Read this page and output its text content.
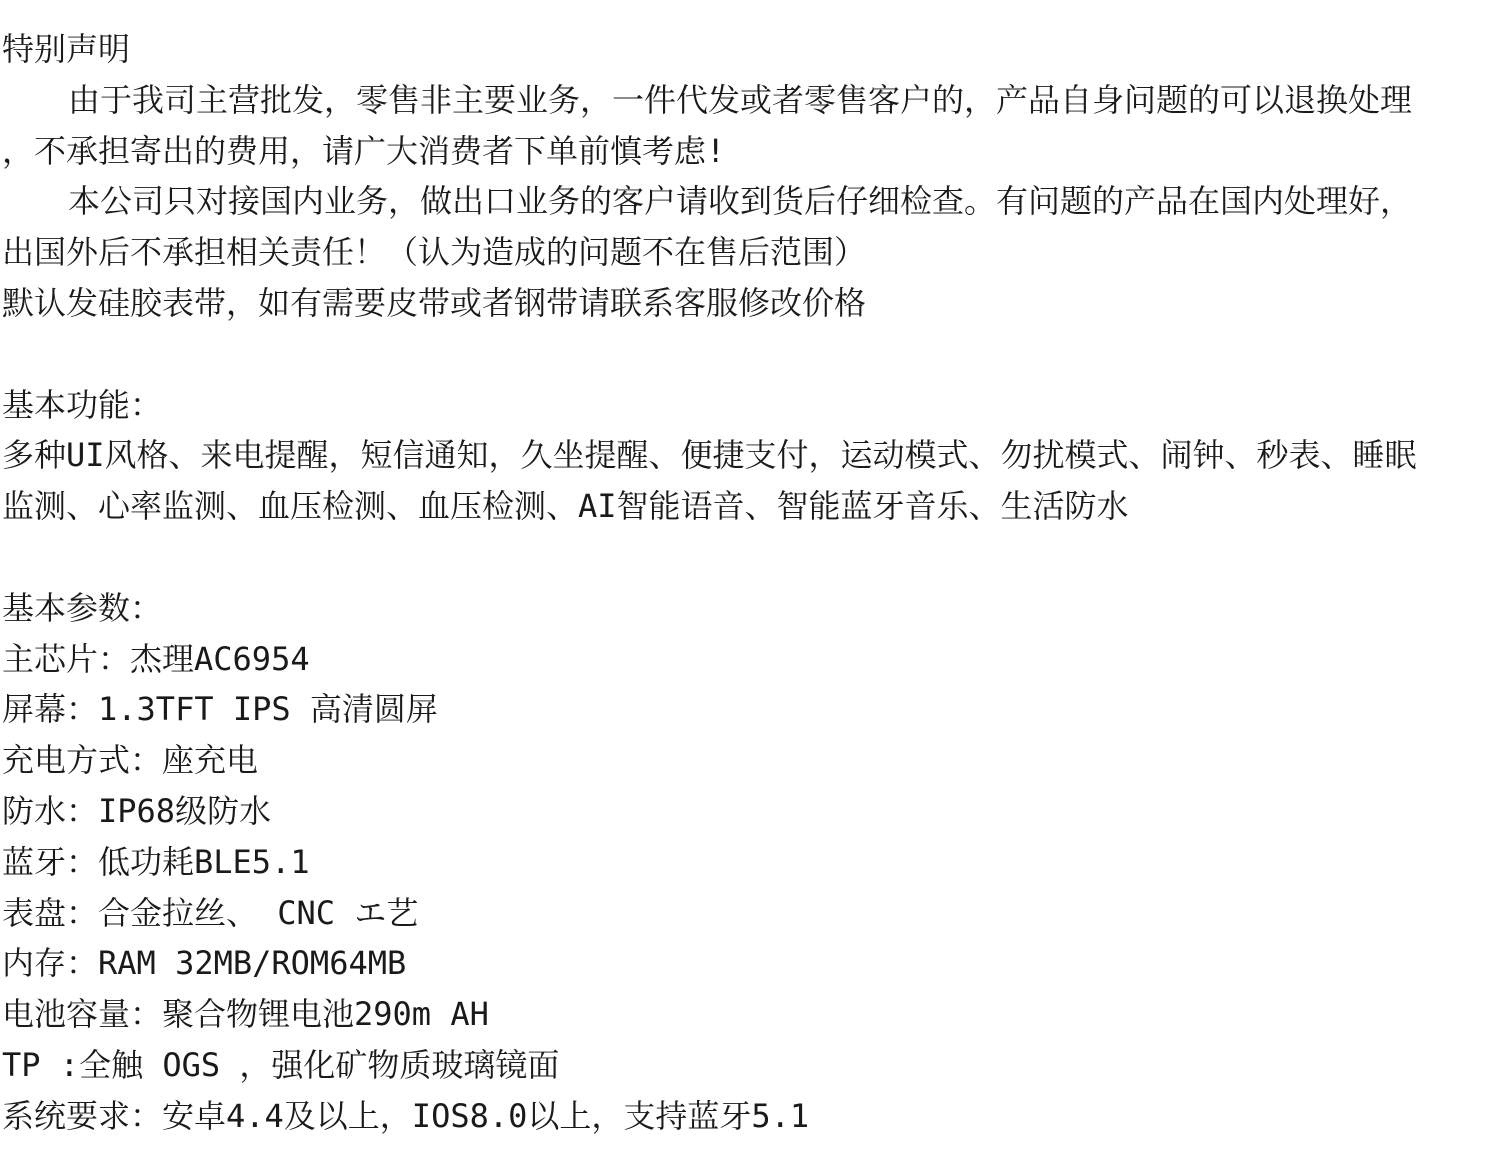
特别声明
由于我司主营批发，零售非主要业务，一件代发或者零售客户的，产品自身问题的可以退换处理
，不承担寄出的费用，请广大消费者下单前慎考虑!
本公司只对接国内业务，做出口业务的客户请收到货后仔细检查。有问题的产品在国内处理好，
出国外后不承担相关责任！（认为造成的问题不在售后范围）
默认发硅胶表带，如有需要皮带或者钢带请联系客服修改价格
基本功能：
多种UI风格、来电提醒，短信通知，久坐提醒、便捷支付，运动模式、勿扰模式、闹钟、秒表、睡眠
监测、心率监测、血压检测、血压检测、AI智能语音、智能蓝牙音乐、生活防水
基本参数：
主芯片：杰理AC6954
屏幕：1.3TFT IPS 高清圆屏
充电方式：座充电
防水：IP68级防水
蓝牙：低功耗BLE5.1
表盘：合金拉丝、 CNC エ艺
内存：RAM 32MB/ROM64MB
电池容量：聚合物锂电池290m AH
TP :全触 OGS ，强化矿物质玻璃镜面
系统要求：安卓4.4及以上，IOS8.0以上，支持蓝牙5.1
